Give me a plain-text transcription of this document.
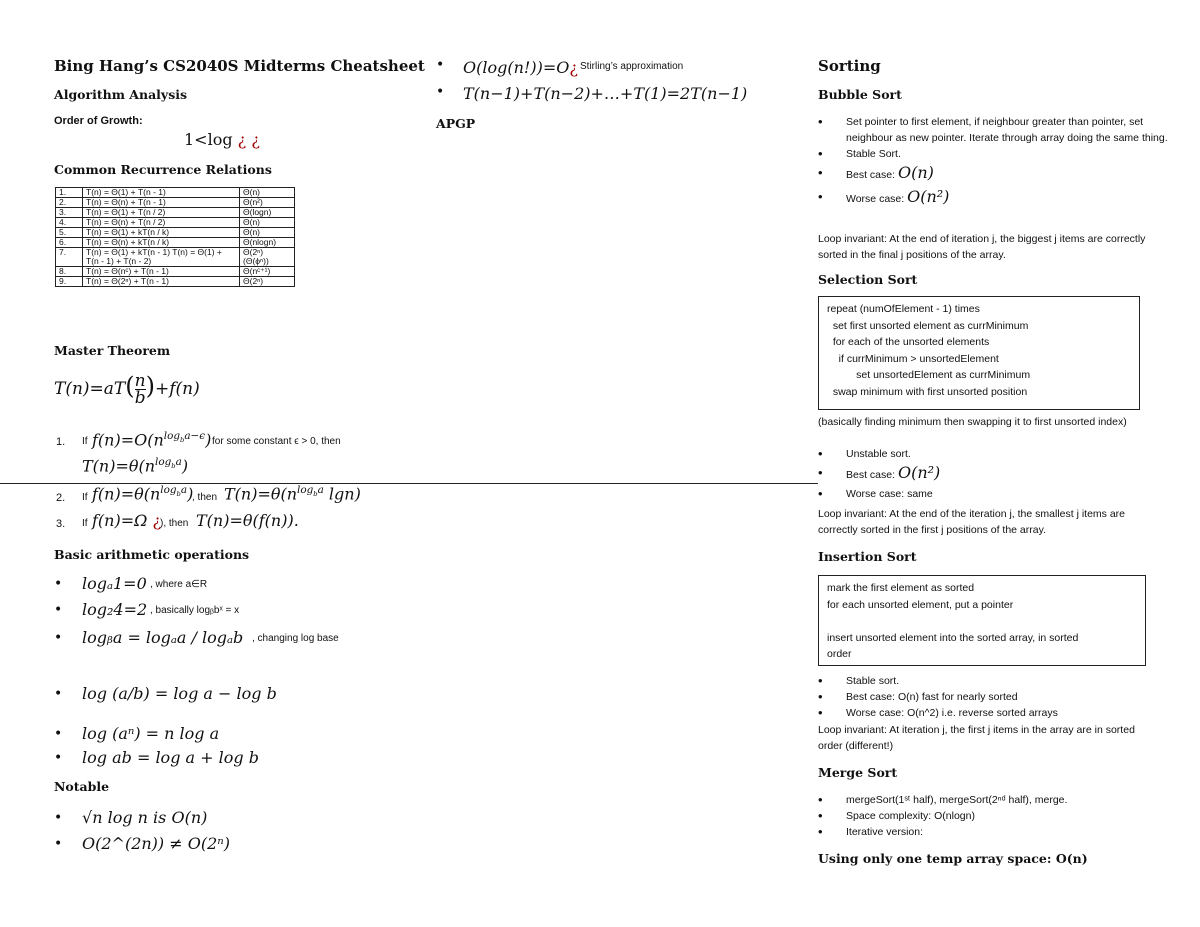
Bing Hang’s CS2040S Midterms Cheatsheet
Algorithm Analysis
Order of Growth:
1<log ¿ ¿
Common Recurrence Relations
1.	T(n) = Θ(1) + T(n - 1)	Θ(n)
2.	T(n) = Θ(n) + T(n - 1)	Θ(n²)
3.	T(n) = Θ(1) + T(n / 2)	Θ(logn)
4.	T(n) = Θ(n) + T(n / 2)	Θ(n)
5.	T(n) = Θ(1) + kT(n / k)	Θ(n)
6.	T(n) = Θ(n) + kT(n / k)	Θ(nlogn)
7.	T(n) = Θ(1) + kT(n - 1) T(n) = Θ(1) + T(n - 1) + T(n - 2)	Θ(2ⁿ) (Θ(ϕⁿ))
8.	T(n) = Θ(nᶜ) + T(n - 1)	Θ(nᶜ⁺¹)
9.	T(n) = Θ(2ⁿ) + T(n - 1)	Θ(2ⁿ)
Master Theorem
$T(n)=aT( \frac{n}{b} )+f(n)$
1. If $f(n)=O(n^{log_ba-\epsilon})$ for some constant ϵ > 0, then
$T(n)=\theta(n^{log_ba})$
2. If $f(n)=\theta(n^{log_ba})$
, then $T(n)=\theta(n^{log_ba}$ lgn)
3. If f(n)=Ω ¿
), then T(n)=θ(f(n)).
Basic arithmetic operations
• logₐ1=0 , where a∈R
• log₂4=2 , basically logᵦbˣ = x
• logᵦa = logₐa / logₐb , changing log base
• log (a/b) = log a − log b
• log (aⁿ) = n log a
• log ab = log a + log b
Notable
• √n log n is O(n)
• O(2^(2n)) ≠ O(2ⁿ)
• O(log(n!))=O¿ Stirling’s approximation
• T(n−1)+T(n−2)+…+T(1)=2T(n−1)
APGP
Sorting
Bubble Sort
• Set pointer to first element, if neighbour greater than pointer, set neighbour as new pointer. Iterate through array doing the same thing.
• Stable Sort.
• Best case: O(n)
• Worse case: O(n²)
Loop invariant: At the end of iteration j, the biggest j items are correctly sorted in the final j positions of the array.
Selection Sort
repeat (numOfElement - 1) times
set first unsorted element as currMinimum
for each of the unsorted elements
if currMinimum > unsortedElement
set unsortedElement as currMinimum
swap minimum with first unsorted position
(basically finding minimum then swapping it to first unsorted index)
• Unstable sort.
• Best case: O(n²)
• Worse case: same
Loop invariant: At the end of the iteration j, the smallest j items are correctly sorted in the first j positions of the array.
Insertion Sort
mark the first element as sorted
for each unsorted element, put a pointer
insert unsorted element into the sorted array, in sorted
order
• Stable sort.
• Best case: O(n) fast for nearly sorted
• Worse case: O(n^2) i.e. reverse sorted arrays
Loop invariant: At iteration j, the first j items in the array are in sorted order (different!)
Merge Sort
• mergeSort(1ˢᵗ half), mergeSort(2ⁿᵈ half), merge.
• Space complexity: O(nlogn)
• Iterative version:
Using only one temp array space: O(n)
